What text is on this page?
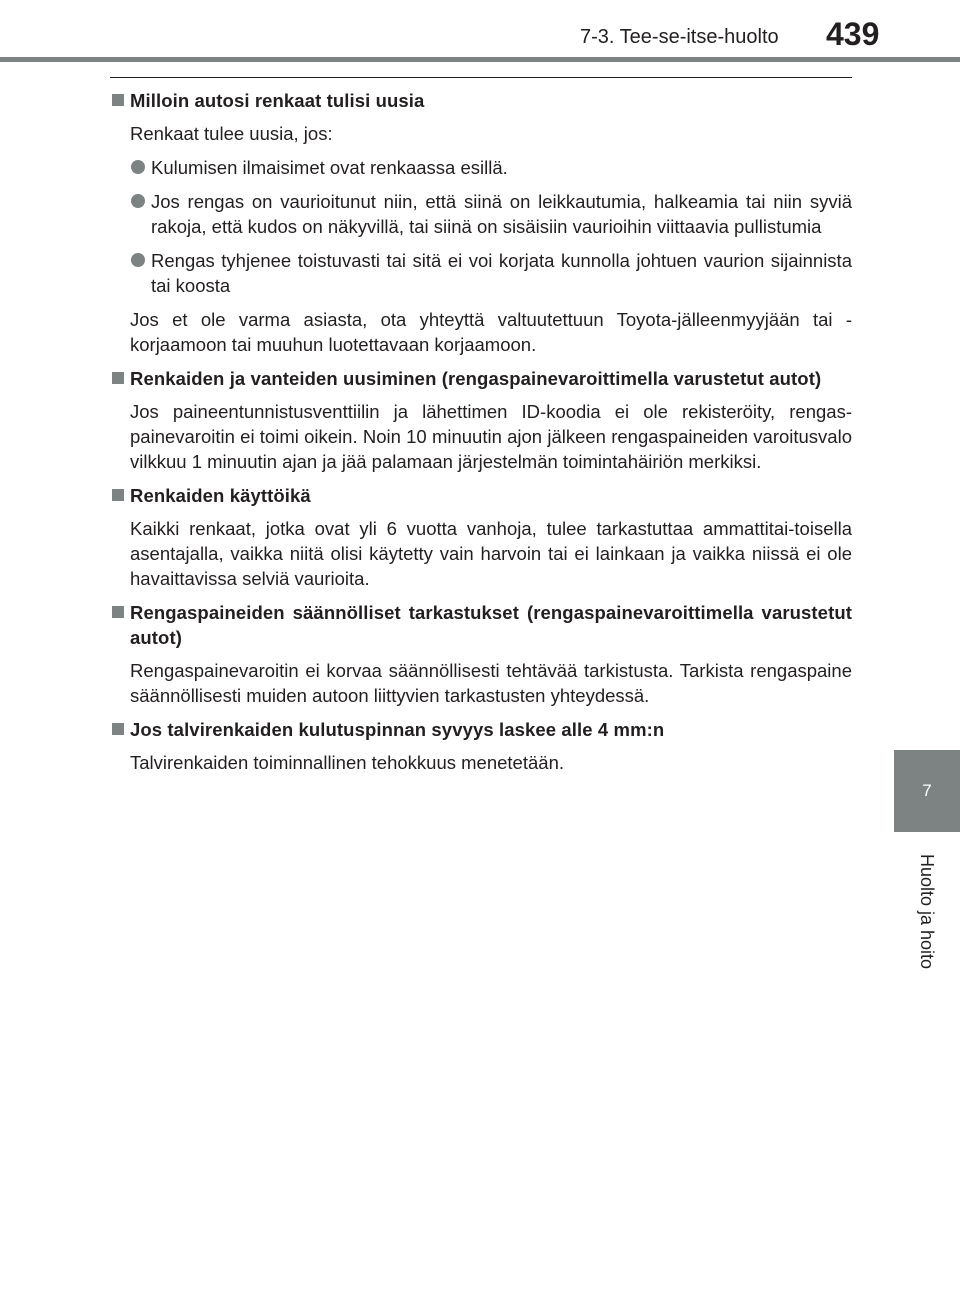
7-3. Tee-se-itse-huolto 439
7
Huolto ja hoito
Milloin autosi renkaat tulisi uusia

Renkaat tulee uusia, jos:

Kulumisen ilmaisimet ovat renkaassa esillä.
Jos rengas on vaurioitunut niin, että siinä on leikkautumia, halkeamia tai niin syviä rakoja, että kudos on näkyvillä, tai siinä on sisäisiin vaurioihin viittaavia pullistumia
Rengas tyhjenee toistuvasti tai sitä ei voi korjata kunnolla johtuen vaurion sijainnista tai koosta

Jos et ole varma asiasta, ota yhteyttä valtuutettuun Toyota-jälleenmyyjään tai -korjaamoon tai muuhun luotettavaan korjaamoon.

Renkaiden ja vanteiden uusiminen (rengaspainevaroittimella varustetut autot)

Jos paineentunnistusventtiilin ja lähettimen ID-koodia ei ole rekisteröity, rengas-painevaroitin ei toimi oikein. Noin 10 minuutin ajon jälkeen rengaspaineiden varoitusvalo vilkkuu 1 minuutin ajan ja jää palamaan järjestelmän toimintahäiriön merkiksi.

Renkaiden käyttöikä

Kaikki renkaat, jotka ovat yli 6 vuotta vanhoja, tulee tarkastuttaa ammattitai-toisella asentajalla, vaikka niitä olisi käytetty vain harvoin tai ei lainkaan ja vaikka niissä ei ole havaittavissa selviä vaurioita.

Rengaspaineiden säännölliset tarkastukset (rengaspainevaroittimella varustetut autot)

Rengaspainevaroitin ei korvaa säännöllisesti tehtävää tarkistusta. Tarkista rengaspaine säännöllisesti muiden autoon liittyvien tarkastusten yhteydessä.

Jos talvirenkaiden kulutuspinnan syvyys laskee alle 4 mm:n

Talvirenkaiden toiminnallinen tehokkuus menetetään.
